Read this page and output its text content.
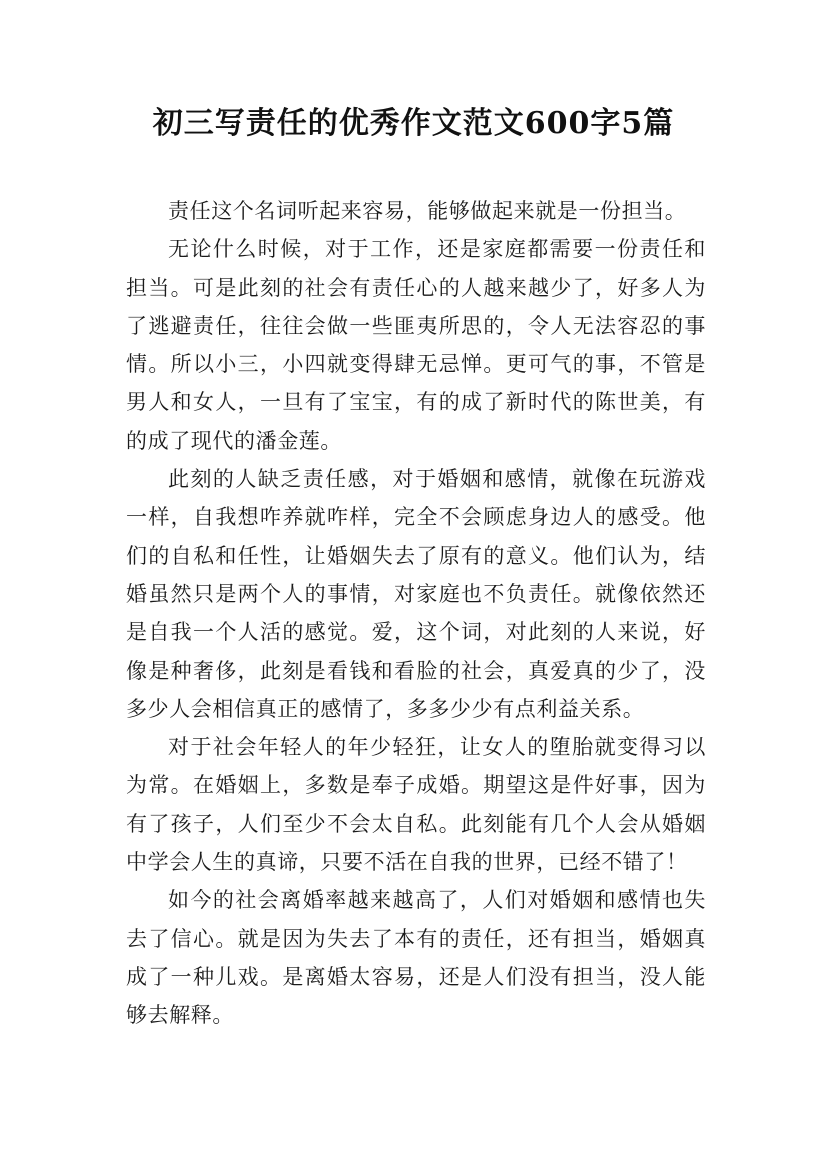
初三写责任的优秀作文范文600字5篇

责任这个名词听起来容易，能够做起来就是一份担当。

无论什么时候，对于工作，还是家庭都需要一份责任和担当。可是此刻的社会有责任心的人越来越少了，好多人为了逃避责任，往往会做一些匪夷所思的，令人无法容忍的事情。所以小三，小四就变得肆无忌惮。更可气的事，不管是男人和女人，一旦有了宝宝，有的成了新时代的陈世美，有的成了现代的潘金莲。

此刻的人缺乏责任感，对于婚姻和感情，就像在玩游戏一样，自我想咋养就咋样，完全不会顾虑身边人的感受。他们的自私和任性，让婚姻失去了原有的意义。他们认为，结婚虽然只是两个人的事情，对家庭也不负责任。就像依然还是自我一个人活的感觉。爱，这个词，对此刻的人来说，好像是种奢侈，此刻是看钱和看脸的社会，真爱真的少了，没多少人会相信真正的感情了，多多少少有点利益关系。

对于社会年轻人的年少轻狂，让女人的堕胎就变得习以为常。在婚姻上，多数是奉子成婚。期望这是件好事，因为有了孩子，人们至少不会太自私。此刻能有几个人会从婚姻中学会人生的真谛，只要不活在自我的世界，已经不错了！

如今的社会离婚率越来越高了，人们对婚姻和感情也失去了信心。就是因为失去了本有的责任，还有担当，婚姻真成了一种儿戏。是离婚太容易，还是人们没有担当，没人能够去解释。
